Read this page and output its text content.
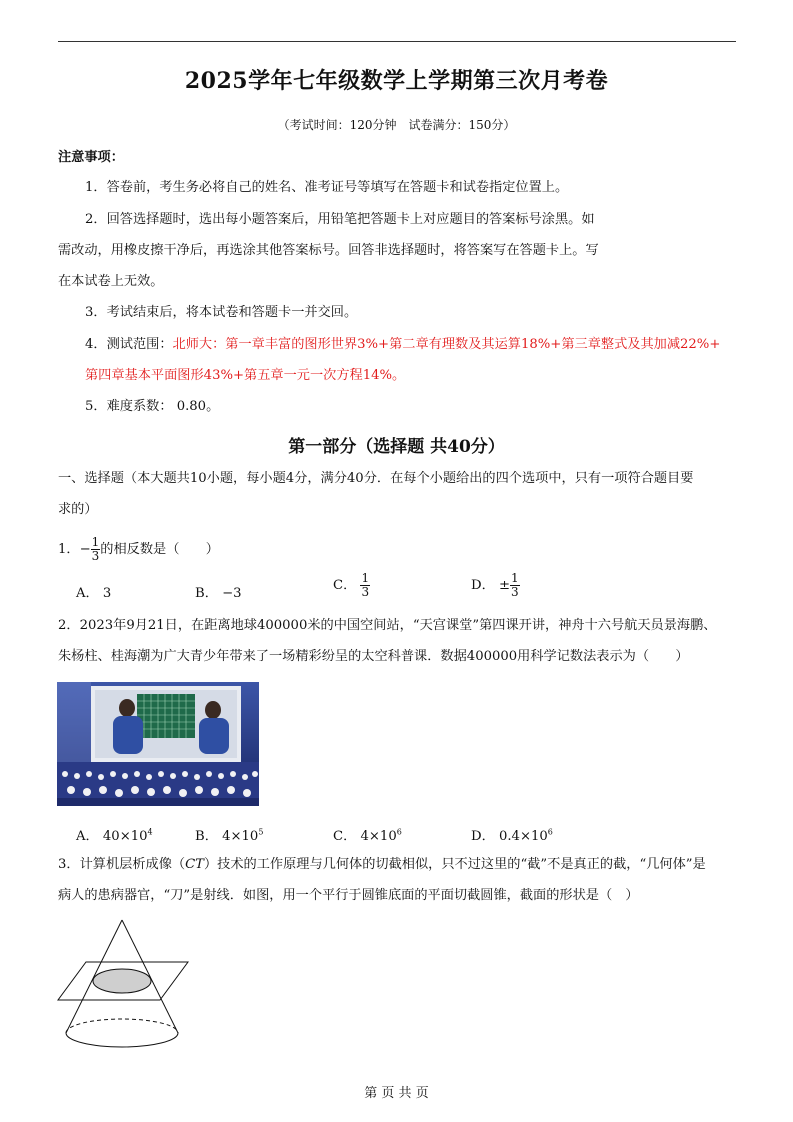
2025学年七年级数学上学期第三次月考卷
（考试时间：120分钟　试卷满分：150分）
注意事项：
1．答卷前，考生务必将自己的姓名、准考证号等填写在答题卡和试卷指定位置上。
2．回答选择题时，选出每小题答案后，用铅笔把答题卡上对应题目的答案标号涂黑。如
需改动，用橡皮擦干净后，再选涂其他答案标号。回答非选择题时，将答案写在答题卡上。写
在本试卷上无效。
3．考试结束后，将本试卷和答题卡一并交回。
4．测试范围：北师大：第一章丰富的图形世界3%+第二章有理数及其运算18%+第三章整式及其加减22%+
第四章基本平面图形43%+第五章一元一次方程14%。
5．难度系数： 0.80。
第一部分（选择题 共40分）
一、选择题（本大题共10小题，每小题4分，满分40分．在每个小题给出的四个选项中，只有一项符合题目要
求的）
1．− $\frac{1}{3}$ 的相反数是（　　）
A． 3	B． −3
C． $\frac{1}{3}$	D． ± $\frac{1}{3}$
2．2023年9月21日，在距离地球400000米的中国空间站，“天宫课堂”第四课开讲，神舟十六号航天员景海鹏、
朱杨柱、桂海潮为广大青少年带来了一场精彩纷呈的太空科普课．数据400000用科学记数法表示为（　　）
A． $40\times 10^4$	B． $4\times 10^5$	C． $4\times 10^6$	D． $0.4\times 10^6$
3．计算机层析成像（CT）技术的工作原理与几何体的切截相似，只不过这里的“截”不是真正的截，“几何体”是
病人的患病器官，“刀”是射线．如图，用一个平行于圆锥底面的平面切截圆锥，截面的形状是（　）
第 页 共 页
